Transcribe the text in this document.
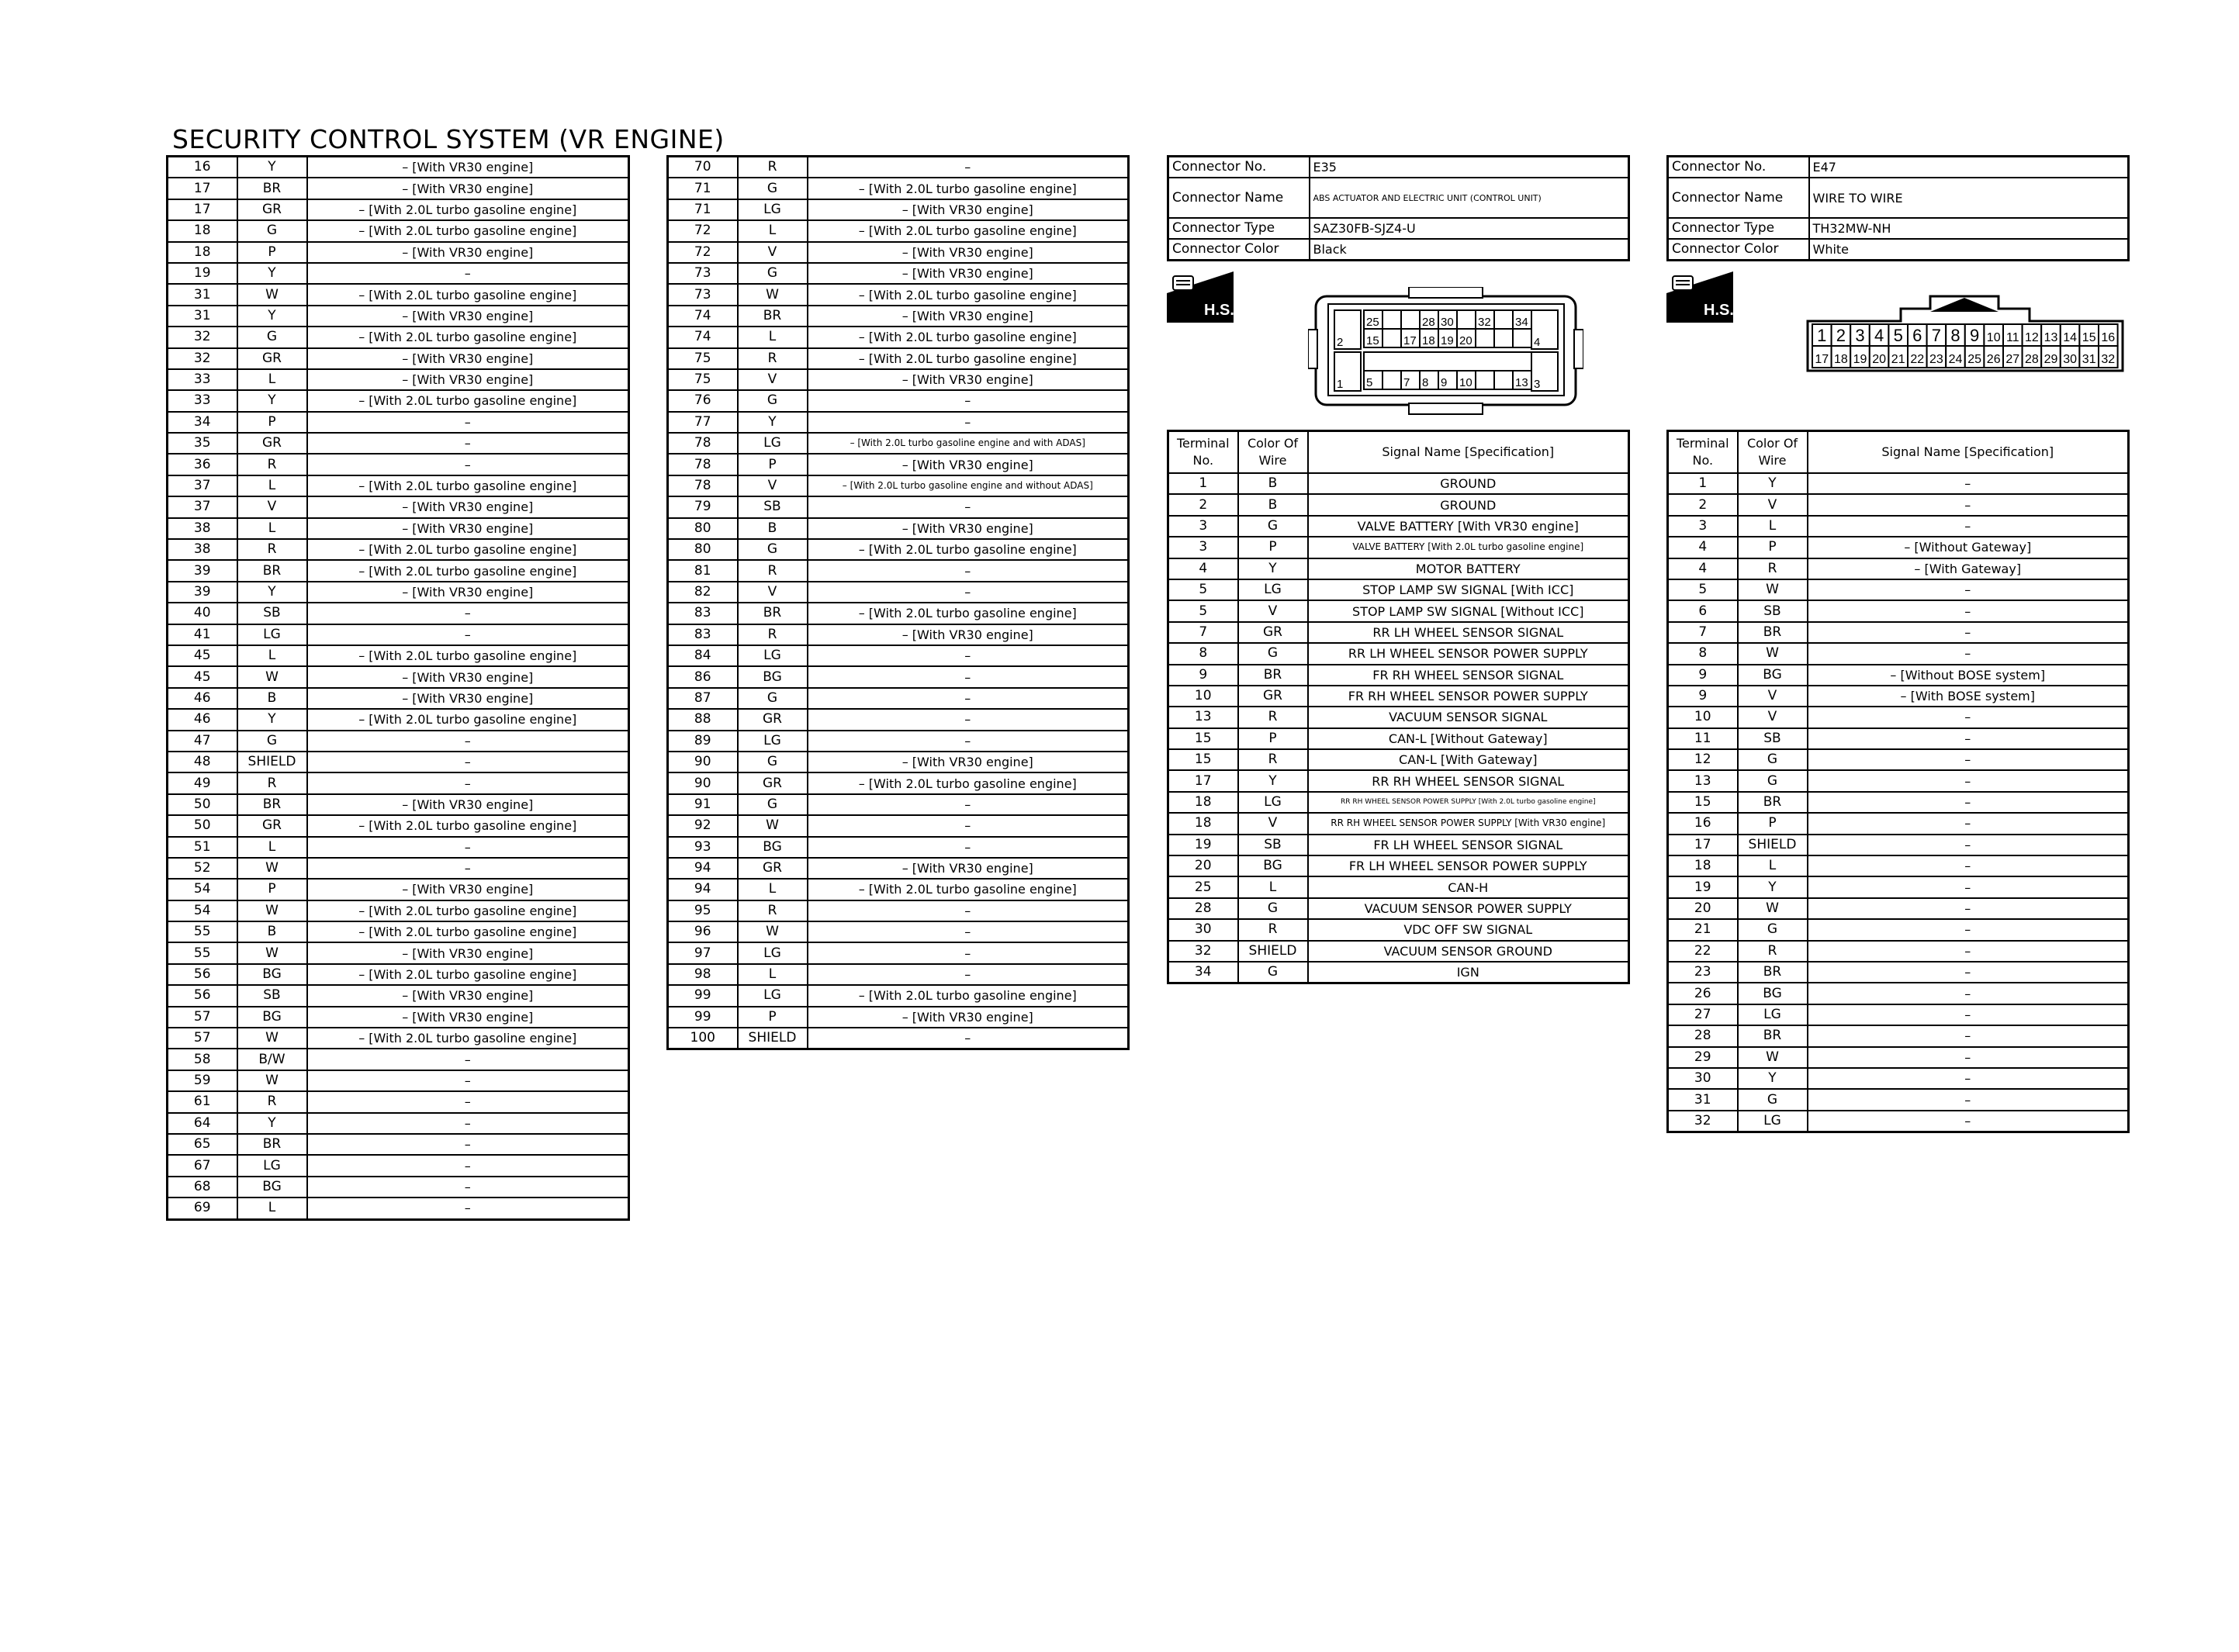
SECURITY CONTROL SYSTEM (VR ENGINE)
16	Y	– [With VR30 engine]
17	BR	– [With VR30 engine]
17	GR	– [With 2.0L turbo gasoline engine]
18	G	– [With 2.0L turbo gasoline engine]
18	P	– [With VR30 engine]
19	Y	–
31	W	– [With 2.0L turbo gasoline engine]
31	Y	– [With VR30 engine]
32	G	– [With 2.0L turbo gasoline engine]
32	GR	– [With VR30 engine]
33	L	– [With VR30 engine]
33	Y	– [With 2.0L turbo gasoline engine]
34	P	–
35	GR	–
36	R	–
37	L	– [With 2.0L turbo gasoline engine]
37	V	– [With VR30 engine]
38	L	– [With VR30 engine]
38	R	– [With 2.0L turbo gasoline engine]
39	BR	– [With 2.0L turbo gasoline engine]
39	Y	– [With VR30 engine]
40	SB	–
41	LG	–
45	L	– [With 2.0L turbo gasoline engine]
45	W	– [With VR30 engine]
46	B	– [With VR30 engine]
46	Y	– [With 2.0L turbo gasoline engine]
47	G	–
48	SHIELD	–
49	R	–
50	BR	– [With VR30 engine]
50	GR	– [With 2.0L turbo gasoline engine]
51	L	–
52	W	–
54	P	– [With VR30 engine]
54	W	– [With 2.0L turbo gasoline engine]
55	B	– [With 2.0L turbo gasoline engine]
55	W	– [With VR30 engine]
56	BG	– [With 2.0L turbo gasoline engine]
56	SB	– [With VR30 engine]
57	BG	– [With VR30 engine]
57	W	– [With 2.0L turbo gasoline engine]
58	B/W	–
59	W	–
61	R	–
64	Y	–
65	BR	–
67	LG	–
68	BG	–
69	L	–
70	R	–
71	G	– [With 2.0L turbo gasoline engine]
71	LG	– [With VR30 engine]
72	L	– [With 2.0L turbo gasoline engine]
72	V	– [With VR30 engine]
73	G	– [With VR30 engine]
73	W	– [With 2.0L turbo gasoline engine]
74	BR	– [With VR30 engine]
74	L	– [With 2.0L turbo gasoline engine]
75	R	– [With 2.0L turbo gasoline engine]
75	V	– [With VR30 engine]
76	G	–
77	Y	–
78	LG	– [With 2.0L turbo gasoline engine and with ADAS]
78	P	– [With VR30 engine]
78	V	– [With 2.0L turbo gasoline engine and without ADAS]
79	SB	–
80	B	– [With VR30 engine]
80	G	– [With 2.0L turbo gasoline engine]
81	R	–
82	V	–
83	BR	– [With 2.0L turbo gasoline engine]
83	R	– [With VR30 engine]
84	LG	–
86	BG	–
87	G	–
88	GR	–
89	LG	–
90	G	– [With VR30 engine]
90	GR	– [With 2.0L turbo gasoline engine]
91	G	–
92	W	–
93	BG	–
94	GR	– [With VR30 engine]
94	L	– [With 2.0L turbo gasoline engine]
95	R	–
96	W	–
97	LG	–
98	L	–
99	LG	– [With 2.0L turbo gasoline engine]
99	P	– [With VR30 engine]
100	SHIELD	–
Connector No.	E35
Connector Name	ABS ACTUATOR AND ELECTRIC UNIT (CONTROL UNIT)
Connector Type	SAZ30FB-SJZ4-U
Connector Color	Black
H.S.
2	4
1	3
25	28 30 32 34
15 17 18 19 20
5	7 8 9 10	13
Terminal No.	Color Of Wire	Signal Name [Specification]
1	B	GROUND
2	B	GROUND
3	G	VALVE BATTERY [With VR30 engine]
3	P	VALVE BATTERY [With 2.0L turbo gasoline engine]
4	Y	MOTOR BATTERY
5	LG	STOP LAMP SW SIGNAL [With ICC]
5	V	STOP LAMP SW SIGNAL [Without ICC]
7	GR	RR LH WHEEL SENSOR SIGNAL
8	G	RR LH WHEEL SENSOR POWER SUPPLY
9	BR	FR RH WHEEL SENSOR SIGNAL
10	GR	FR RH WHEEL SENSOR POWER SUPPLY
13	R	VACUUM SENSOR SIGNAL
15	P	CAN-L [Without Gateway]
15	R	CAN-L [With Gateway]
17	Y	RR RH WHEEL SENSOR SIGNAL
18	LG	RR RH WHEEL SENSOR POWER SUPPLY [With 2.0L turbo gasoline engine]
18	V	RR RH WHEEL SENSOR POWER SUPPLY [With VR30 engine]
19	SB	FR LH WHEEL SENSOR SIGNAL
20	BG	FR LH WHEEL SENSOR POWER SUPPLY
25	L	CAN-H
28	G	VACUUM SENSOR POWER SUPPLY
30	R	VDC OFF SW SIGNAL
32	SHIELD	VACUUM SENSOR GROUND
34	G	IGN
Connector No.	E47
Connector Name	WIRE TO WIRE
Connector Type	TH32MW-NH
Connector Color	White
H.S.
1 2 3 4 5 6 7 8 9 10 11 12 13 14 15 16
17 18 19 20 21 22 23 24 25 26 27 28 29 30 31 32
Terminal No.	Color Of Wire	Signal Name [Specification]
1	Y	–
2	V	–
3	L	–
4	P	– [Without Gateway]
4	R	– [With Gateway]
5	W	–
6	SB	–
7	BR	–
8	W	–
9	BG	– [Without BOSE system]
9	V	– [With BOSE system]
10	V	–
11	SB	–
12	G	–
13	G	–
15	BR	–
16	P	–
17	SHIELD	–
18	L	–
19	Y	–
20	W	–
21	G	–
22	R	–
23	BR	–
26	BG	–
27	LG	–
28	BR	–
29	W	–
30	Y	–
31	G	–
32	LG	–
